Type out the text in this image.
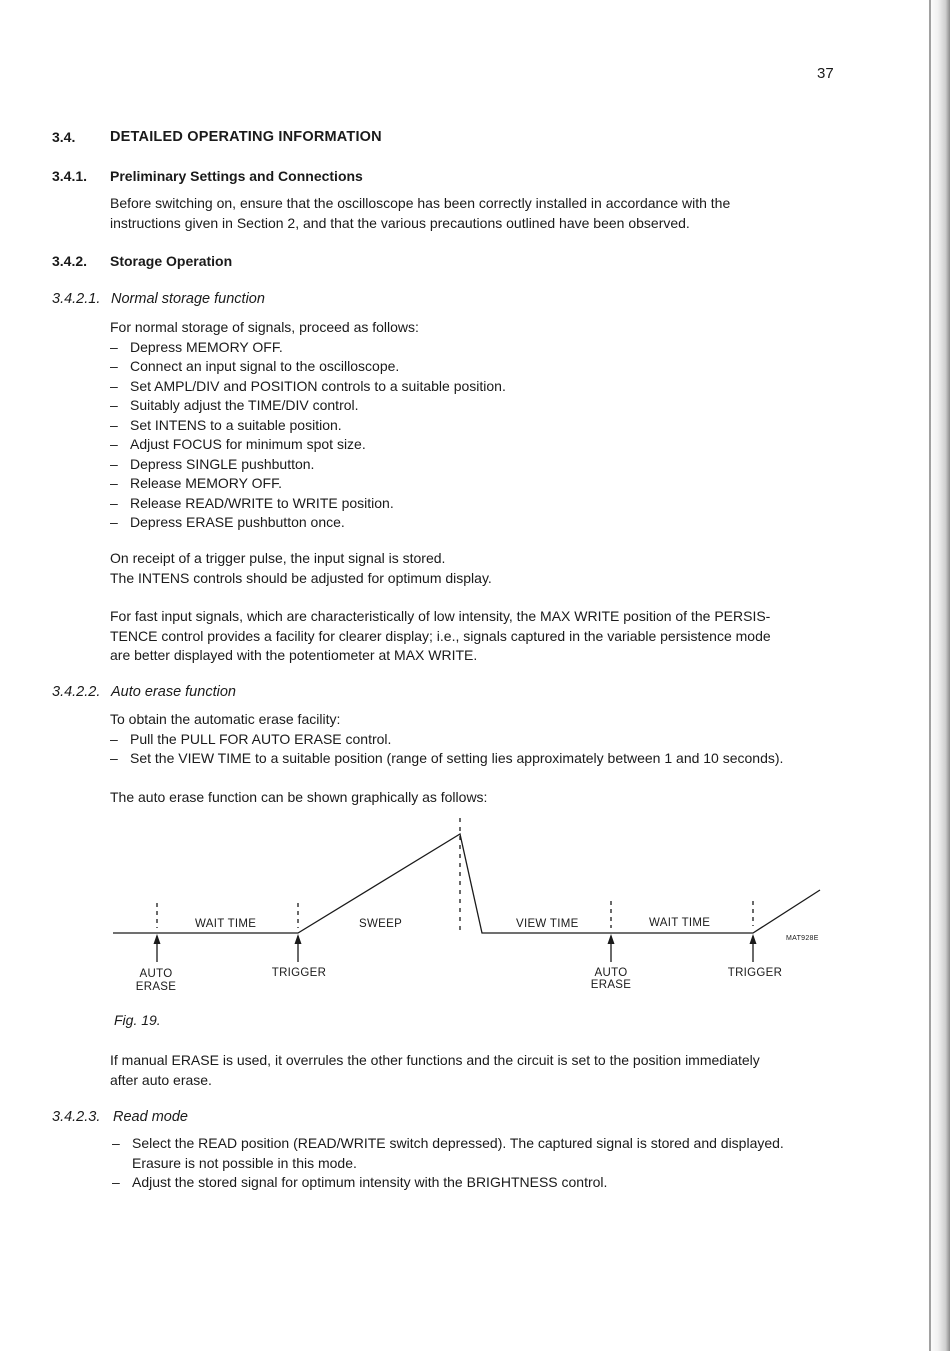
37
3.4. DETAILED OPERATING INFORMATION
3.4.1. Preliminary Settings and Connections
Before switching on, ensure that the oscilloscope has been correctly installed in accordance with the
instructions given in Section 2, and that the various precautions outlined have been observed.
3.4.2. Storage Operation
3.4.2.1. Normal storage function
For normal storage of signals, proceed as follows:
– Depress MEMORY OFF.
– Connect an input signal to the oscilloscope.
– Set AMPL/DIV and POSITION controls to a suitable position.
– Suitably adjust the TIME/DIV control.
– Set INTENS to a suitable position.
– Adjust FOCUS for minimum spot size.
– Depress SINGLE pushbutton.
– Release MEMORY OFF.
– Release READ/WRITE to WRITE position.
– Depress ERASE pushbutton once.
On receipt of a trigger pulse, the input signal is stored.
The INTENS controls should be adjusted for optimum display.
For fast input signals, which are characteristically of low intensity, the MAX WRITE position of the PERSIS-
TENCE control provides a facility for clearer display; i.e., signals captured in the variable persistence mode
are better displayed with the potentiometer at MAX WRITE.
3.4.2.2. Auto erase function
To obtain the automatic erase facility:
– Pull the PULL FOR AUTO ERASE control.
– Set the VIEW TIME to a suitable position (range of setting lies approximately between 1 and 10 seconds).
The auto erase function can be shown graphically as follows:
WAIT TIME	SWEEP	VIEW TIME	WAIT TIME
MAT928E
AUTO
ERASE
TRIGGER	AUTO
ERASE
TRIGGER
Fig. 19.
If manual ERASE is used, it overrules the other functions and the circuit is set to the position immediately
after auto erase.
3.4.2.3. Read mode
– Select the READ position (READ/WRITE switch depressed). The captured signal is stored and displayed.
Erasure is not possible in this mode.
– Adjust the stored signal for optimum intensity with the BRIGHTNESS control.
